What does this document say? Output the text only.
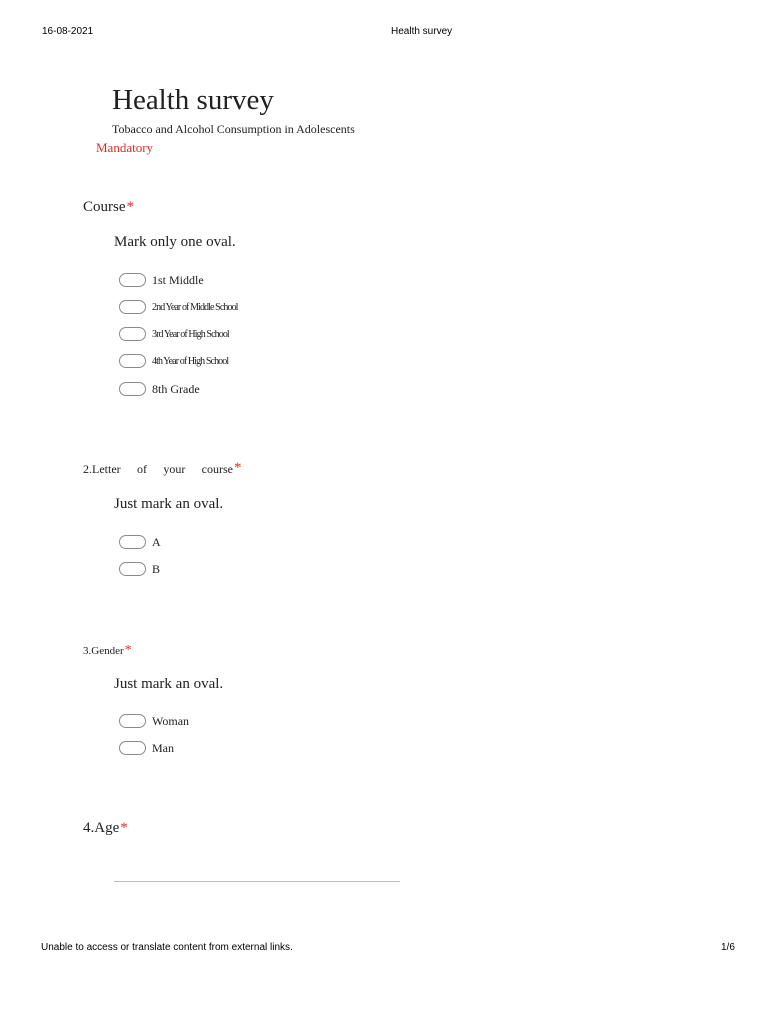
16-08-2021	Health survey
Health survey
Tobacco and Alcohol Consumption in Adolescents
Mandatory
Course*
Mark only one oval.
1st Middle
2nd Year of Middle School
3rd Year of High School
4th Year of High School
8th Grade
2.Letter of your course *
Just mark an oval.
A
B
3.Gender*
Just mark an oval.
Woman
Man
4.Age*
Unable to access or translate content from external links.	1/6
